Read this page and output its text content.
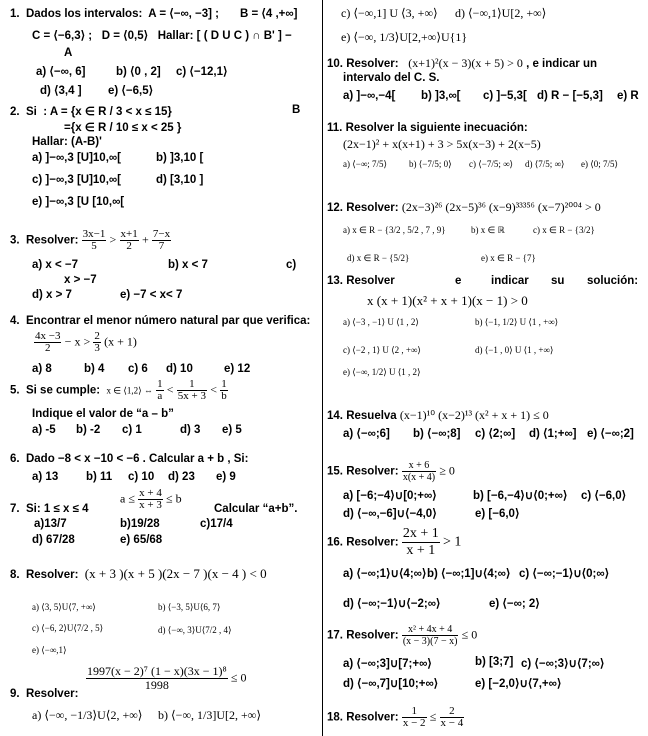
1. Dados los intervalos: A = ⟨−∞, −3] ; B = ⟨4 ,+∞]
C = ⟨−6,3⟩ ; D = ⟨0,5⟩ Hallar: [ ( D U C ) ∩ B' ] −
A
a) ⟨−∞, 6]	b) ⟨0 , 2] c) ⟨−12,1⟩
d) ⟨3,4 ] e) ⟨−6,5⟩
2. Si : A = {x ∈ R / 3 < x ≤ 15}	B
={x ∈ R / 10 ≤ x < 25 }
Hallar: (A-B)'
a) ]−∞,3 [U]10,∞[	b) ]3,10 [
c) ]−∞,3 [U]10,∞[	d) [3,10 ]
e) ]−∞,3 [U [10,∞[
3. Resolver: $\frac{3x-1}{5} > \frac{x+1}{2} + \frac{7-x}{7}$
a) x < −7	b) x < 7	c)
x > −7
d) x > 7	e) −7 < x< 7
4. Encontrar el menor número natural par que verifica:
$\frac{4x -3}{2} - x > \frac{2}{3} (x + 1)$
a) 8	b) 4 c) 6 d) 10	e) 12
5. Si se cumple: x ∈ ⟨1,2⟩ ⇔ $\frac{1}{a} < \frac{1}{5x + 3} < \frac{1}{b}$
Indique el valor de “a – b”
a) -5 b) -2 c) 1	d) 3 e) 5
6. Dado −8 < x −10 < −6 . Calcular a + b , Si:
a) 13 b) 11 c) 10 d) 23 e) 9
$a \le \frac{x + 4}{x + 3} \le b$
7. Si: 1 ≤ x ≤ 4	Calcular “a+b”.
a)13/7	b)19/28	c)17/4
d) 67/28	e) 65/68
8. Resolver: (x + 3 )(x + 5 )(2x − 7 )(x − 4 ) < 0
a) ⟨3, 5⟩U⟨7, +∞⟩	b) ⟨−3, 5⟩U⟨6, 7⟩
c) ⟨−6, 2⟩U⟨7/2 , 5⟩	d) ⟨−∞, 3⟩U⟨7/2 , 4⟩
e) ⟨−∞,1⟩
$\frac{\text{1997(x − 2)⁷ (1 − x)(3x − 1)⁸}}{1998} \le 0$
9. Resolver:
a) ⟨−∞, −1/3⟩U⟨2, +∞⟩ b) ⟨−∞, 1/3]U[2, +∞⟩
c) ⟨−∞,1] U ⟨3, +∞⟩ d) ⟨−∞,1⟩U[2, +∞⟩
e) ⟨−∞, 1/3⟩U[2,+∞⟩U{1}
10. Resolver: (x+1)²(x − 3)(x + 5) > 0 , e indicar un
intervalo del C. S.
a) ]−∞,−4[ b) ]3,∞[ c) ]−5,3[ d) R − [−5,3] e) R
11. Resolver la siguiente inecuación:
(2x−1)² + x(x+1) + 3 > 5x(x−3) + 2(x−5)
a) ⟨−∞; 7/5⟩ b) ⟨−7/5; 0⟩ c) ⟨−7/5; ∞⟩ d) ⟨7/5; ∞⟩ e) ⟨0; 7/5⟩
12. Resolver: (2x−3)²⁶ (2x−5)³⁶ (x−9)³³³⁵⁶ (x−7)²⁰⁰⁴ > 0
a) x ∈ R − {3/2 , 5/2 , 7 , 9}	b) x ∈ ℝ	c) x ∈ R − {3/2}
d) x ∈ R − {5/2}	e) x ∈ R − {7}
13. Resolver	e	indicar su solución:
x (x + 1)(x² + x + 1)(x − 1) > 0
a) ⟨−3 , −1⟩ U ⟨1 , 2⟩	b) ⟨−1, 1/2⟩ U ⟨1 , +∞⟩
c) ⟨−2 , 1⟩ U ⟨2 , +∞⟩	d) ⟨−1 , 0⟩ U ⟨1 , +∞⟩
e) ⟨−∞, 1/2⟩ U ⟨1 , 2⟩
14. Resuelva (x−1)¹⁰ (x−2)¹³ (x² + x + 1) ≤ 0
a) ⟨−∞;6] b) ⟨−∞;8] c) ⟨2;∞] d) ⟨1;+∞] e) ⟨−∞;2]
15. Resolver: $\frac{x + 6}{x(x + 4)} \ge 0$
a) [−6;−4⟩∪[0;+∞⟩	b) [−6,−4⟩∪⟨0;+∞⟩ c) ⟨−6,0⟩
d) ⟨−∞,−6]∪⟨−4,0⟩	e) [−6,0⟩
16. Resolver: $\frac{2x + 1}{x + 1} > 1$
a) ⟨−∞;1⟩∪⟨4;∞⟩ b) ⟨−∞;1]∪⟨4;∞⟩ c) ⟨−∞;−1⟩∪⟨0;∞⟩
d) ⟨−∞;−1⟩∪⟨−2;∞⟩	e) ⟨−∞; 2⟩
17. Resolver: $\frac{\text{x² + 4x + 4}}{(x - 3)(7 - x)} \le 0$
a) ⟨−∞;3]∪[7;+∞⟩	b) [3;7] c) ⟨−∞;3⟩∪⟨7;∞⟩
d) ⟨−∞,7]∪[10;+∞⟩	e) [−2,0⟩∪⟨7,+∞⟩
18. Resolver: $\frac{1}{x - 2} \le \frac{2}{x - 4}$
